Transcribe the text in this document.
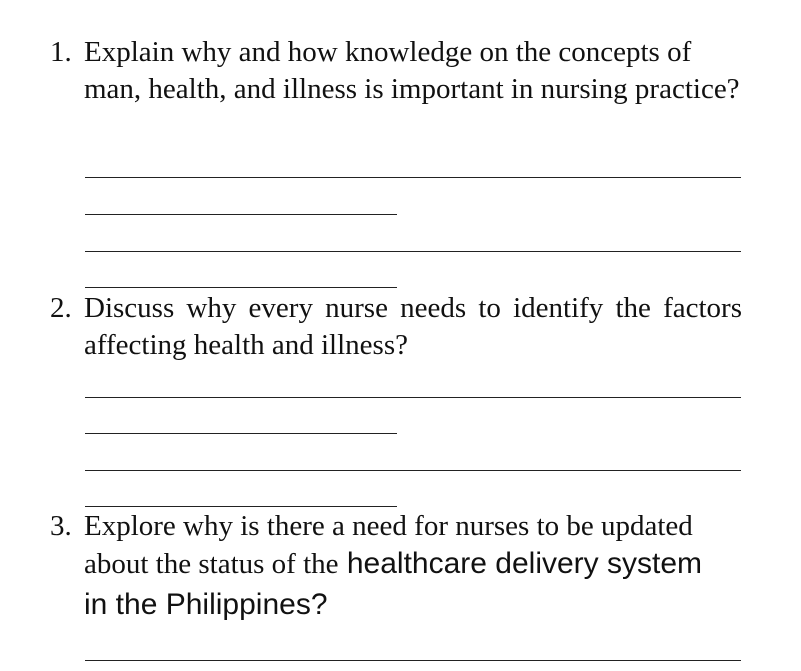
1. Explain why and how knowledge on the concepts of man, health, and illness is important in nursing practice?
2. Discuss why every nurse needs to identify the factors affecting health and illness?
3. Explore why is there a need for nurses to be updated about the status of the healthcare delivery system
in the Philippines?
